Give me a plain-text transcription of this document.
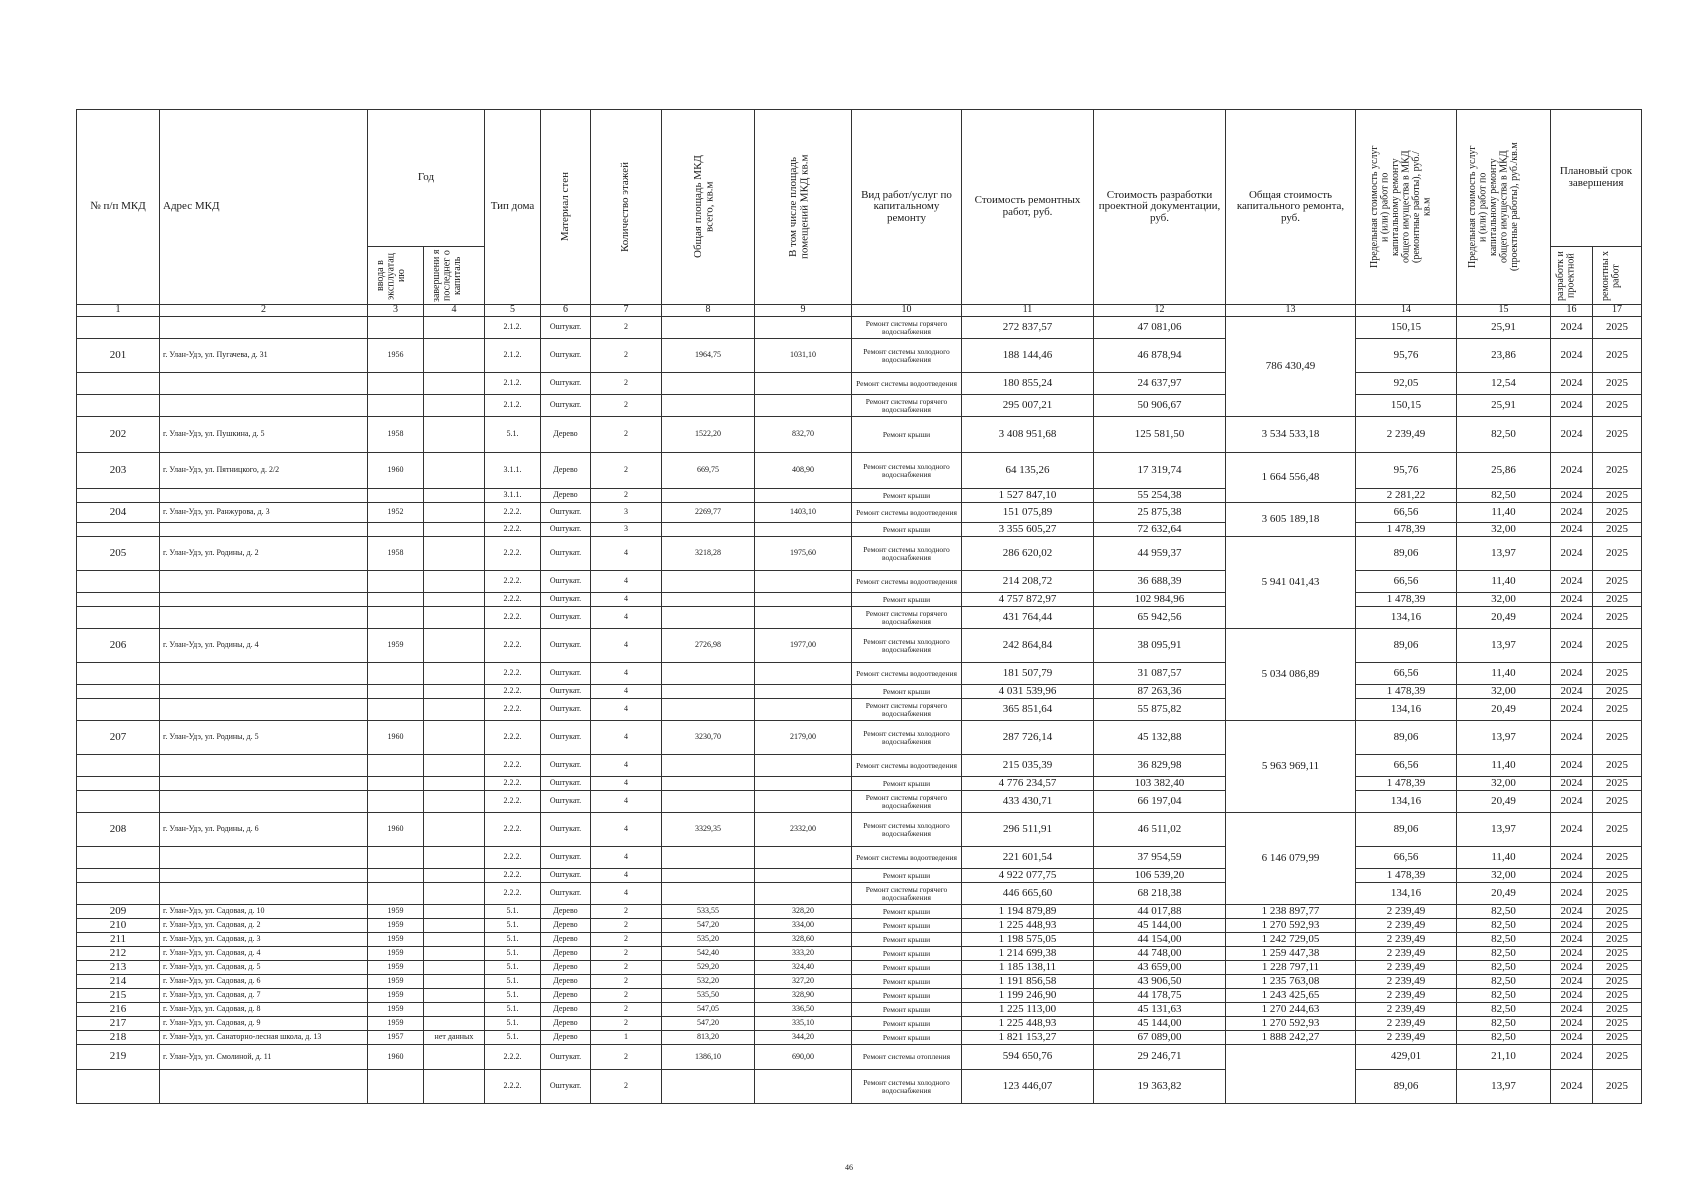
№ п/п МКД	Адрес МКД	Год		Тип дома	Материал стен	Количество этажей	Общая площадь МКД всего, кв.м	В том числе площадь помещений МКД кв.м	Вид работ/услуг по капитальному ремонту	Стоимость ремонтных работ, руб.	Стоимость разработки проектной документации, руб.	Общая стоимость капитального ремонта, руб.	Предельная стоимость услуг и (или) работ по капитальному ремонту общего имущества в МКД (ремонтные работы), руб./кв.м	Предельная стоимость услуг и (или) работ по капитальному ремонту общего имущества в МКД (проектные работы), руб./кв.м	Плановый срок завершения	

		ввода в эксплуатац ию	завершени я последнег о капиталь												разработк и проектной	ремонтны х работ

1	2	3	4	5	6	7	8	9	10	11	12	13	14	15	16	17
				2.1.2.	Оштукат.	2			Ремонт системы горячего водоснабжения	272 837,57	47 081,06	786 430,49	150,15	25,91	2024	2025
201	г. Улан-Удэ, ул. Пугачева, д. 31	1956		2.1.2.	Оштукат.	2	1964,75	1031,10	Ремонт системы холодного водоснабжения	188 144,46	46 878,94		95,76	23,86	2024	2025
				2.1.2.	Оштукат.	2			Ремонт системы водоотведения	180 855,24	24 637,97		92,05	12,54	2024	2025
				2.1.2.	Оштукат.	2			Ремонт системы горячего водоснабжения	295 007,21	50 906,67		150,15	25,91	2024	2025
202	г. Улан-Удэ, ул. Пушкина, д. 5	1958		5.1.	Дерево	2	1522,20	832,70	Ремонт крыши	3 408 951,68	125 581,50	3 534 533,18	2 239,49	82,50	2024	2025
203	г. Улан-Удэ, ул. Пятницкого, д. 2/2	1960		3.1.1.	Дерево	2	669,75	408,90	Ремонт системы холодного водоснабжения	64 135,26	17 319,74	1 664 556,48	95,76	25,86	2024	2025
				3.1.1.	Дерево	2			Ремонт крыши	1 527 847,10	55 254,38		2 281,22	82,50	2024	2025
204	г. Улан-Удэ, ул. Ранжурова, д. 3	1952		2.2.2.	Оштукат.	3	2269,77	1403,10	Ремонт системы водоотведения	151 075,89	25 875,38	3 605 189,18	66,56	11,40	2024	2025
				2.2.2.	Оштукат.	3			Ремонт крыши	3 355 605,27	72 632,64		1 478,39	32,00	2024	2025
205	г. Улан-Удэ, ул. Родины, д. 2	1958		2.2.2.	Оштукат.	4	3218,28	1975,60	Ремонт системы холодного водоснабжения	286 620,02	44 959,37	5 941 041,43	89,06	13,97	2024	2025
				2.2.2.	Оштукат.	4			Ремонт системы водоотведения	214 208,72	36 688,39		66,56	11,40	2024	2025
				2.2.2.	Оштукат.	4			Ремонт крыши	4 757 872,97	102 984,96		1 478,39	32,00	2024	2025
				2.2.2.	Оштукат.	4			Ремонт системы горячего водоснабжения	431 764,44	65 942,56		134,16	20,49	2024	2025
206	г. Улан-Удэ, ул. Родины, д. 4	1959		2.2.2.	Оштукат.	4	2726,98	1977,00	Ремонт системы холодного водоснабжения	242 864,84	38 095,91	5 034 086,89	89,06	13,97	2024	2025
				2.2.2.	Оштукат.	4			Ремонт системы водоотведения	181 507,79	31 087,57		66,56	11,40	2024	2025
				2.2.2.	Оштукат.	4			Ремонт крыши	4 031 539,96	87 263,36		1 478,39	32,00	2024	2025
				2.2.2.	Оштукат.	4			Ремонт системы горячего водоснабжения	365 851,64	55 875,82		134,16	20,49	2024	2025
207	г. Улан-Удэ, ул. Родины, д. 5	1960		2.2.2.	Оштукат.	4	3230,70	2179,00	Ремонт системы холодного водоснабжения	287 726,14	45 132,88	5 963 969,11	89,06	13,97	2024	2025
				2.2.2.	Оштукат.	4			Ремонт системы водоотведения	215 035,39	36 829,98		66,56	11,40	2024	2025
				2.2.2.	Оштукат.	4			Ремонт крыши	4 776 234,57	103 382,40		1 478,39	32,00	2024	2025
				2.2.2.	Оштукат.	4			Ремонт системы горячего водоснабжения	433 430,71	66 197,04		134,16	20,49	2024	2025
208	г. Улан-Удэ, ул. Родины, д. 6	1960		2.2.2.	Оштукат.	4	3329,35	2332,00	Ремонт системы холодного водоснабжения	296 511,91	46 511,02	6 146 079,99	89,06	13,97	2024	2025
				2.2.2.	Оштукат.	4			Ремонт системы водоотведения	221 601,54	37 954,59		66,56	11,40	2024	2025
				2.2.2.	Оштукат.	4			Ремонт крыши	4 922 077,75	106 539,20		1 478,39	32,00	2024	2025
				2.2.2.	Оштукат.	4			Ремонт системы горячего водоснабжения	446 665,60	68 218,38		134,16	20,49	2024	2025
209	г. Улан-Удэ, ул. Садовая, д. 10	1959		5.1.	Дерево	2	533,55	328,20	Ремонт крыши	1 194 879,89	44 017,88	1 238 897,77	2 239,49	82,50	2024	2025
210	г. Улан-Удэ, ул. Садовая, д. 2	1959		5.1.	Дерево	2	547,20	334,00	Ремонт крыши	1 225 448,93	45 144,00	1 270 592,93	2 239,49	82,50	2024	2025
211	г. Улан-Удэ, ул. Садовая, д. 3	1959		5.1.	Дерево	2	535,20	328,60	Ремонт крыши	1 198 575,05	44 154,00	1 242 729,05	2 239,49	82,50	2024	2025
212	г. Улан-Удэ, ул. Садовая, д. 4	1959		5.1.	Дерево	2	542,40	333,20	Ремонт крыши	1 214 699,38	44 748,00	1 259 447,38	2 239,49	82,50	2024	2025
213	г. Улан-Удэ, ул. Садовая, д. 5	1959		5.1.	Дерево	2	529,20	324,40	Ремонт крыши	1 185 138,11	43 659,00	1 228 797,11	2 239,49	82,50	2024	2025
214	г. Улан-Удэ, ул. Садовая, д. 6	1959		5.1.	Дерево	2	532,20	327,20	Ремонт крыши	1 191 856,58	43 906,50	1 235 763,08	2 239,49	82,50	2024	2025
215	г. Улан-Удэ, ул. Садовая, д. 7	1959		5.1.	Дерево	2	535,50	328,90	Ремонт крыши	1 199 246,90	44 178,75	1 243 425,65	2 239,49	82,50	2024	2025
216	г. Улан-Удэ, ул. Садовая, д. 8	1959		5.1.	Дерево	2	547,05	336,50	Ремонт крыши	1 225 113,00	45 131,63	1 270 244,63	2 239,49	82,50	2024	2025
217	г. Улан-Удэ, ул. Садовая, д. 9	1959		5.1.	Дерево	2	547,20	335,10	Ремонт крыши	1 225 448,93	45 144,00	1 270 592,93	2 239,49	82,50	2024	2025
218	г. Улан-Удэ, ул. Санаторно-лесная школа, д. 13	1957	нет данных	5.1.	Дерево	1	813,20	344,20	Ремонт крыши	1 821 153,27	67 089,00	1 888 242,27	2 239,49	82,50	2024	2025
219	г. Улан-Удэ, ул. Смолиной, д. 11	1960		2.2.2.	Оштукат.	2	1386,10	690,00	Ремонт системы отопления	594 650,76	29 246,71		429,01	21,10	2024	2025
				2.2.2.	Оштукат.	2			Ремонт системы холодного водоснабжения	123 446,07	19 363,82		89,06	13,97	2024	2025
46
